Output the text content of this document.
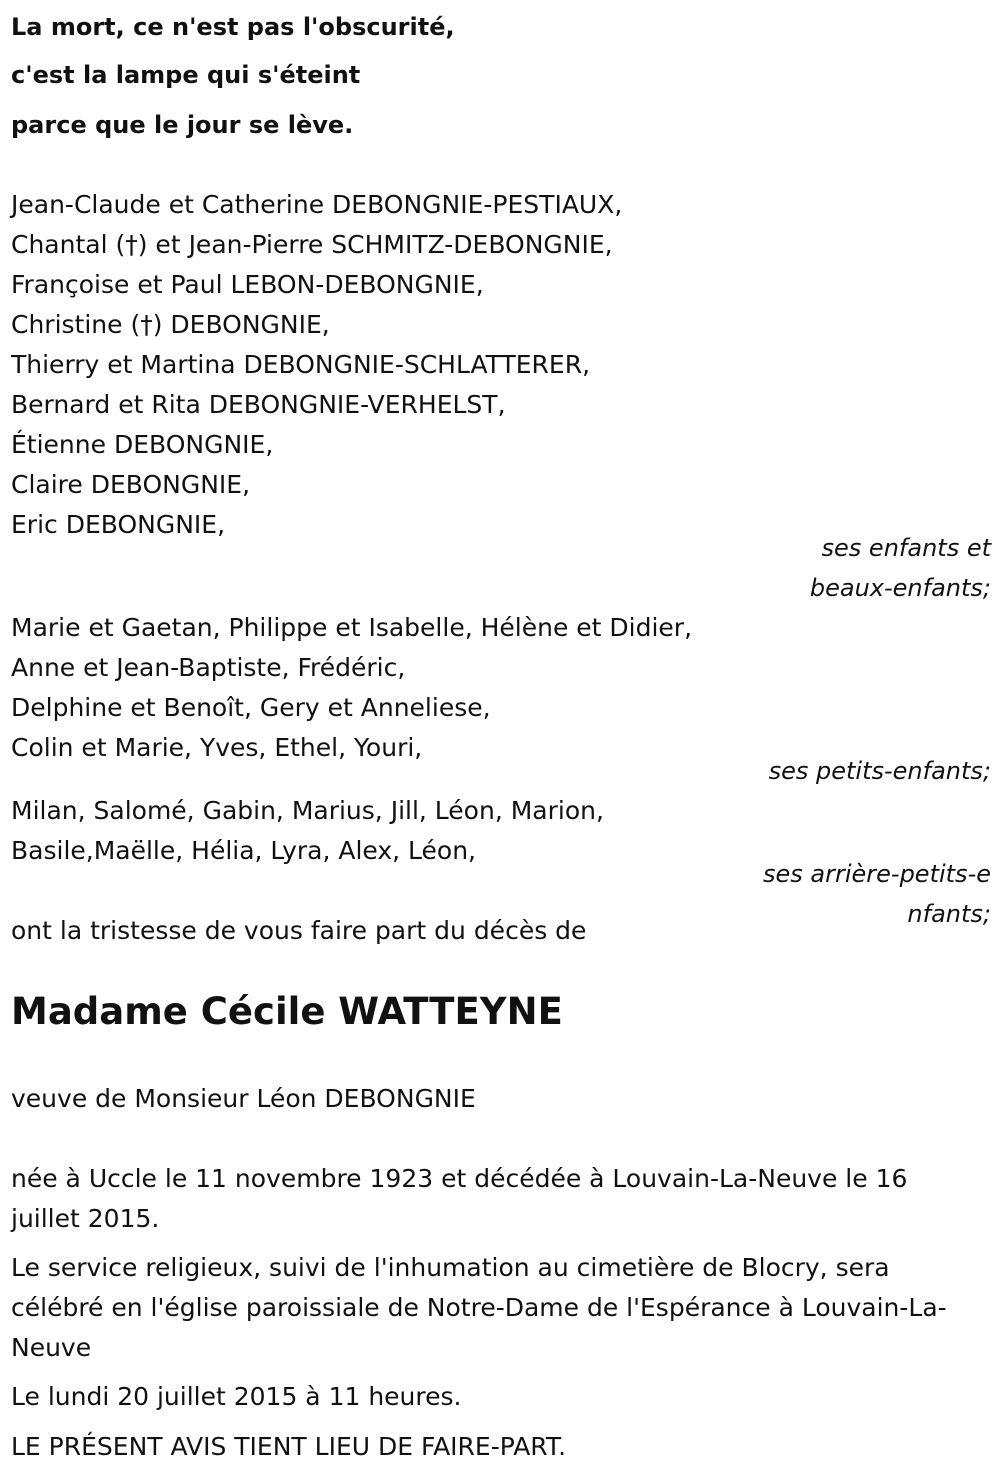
La mort, ce n'est pas l'obscurité,
c'est la lampe qui s'éteint
parce que le jour se lève.
Jean-Claude et Catherine DEBONGNIE-PESTIAUX,
Chantal (†) et Jean-Pierre SCHMITZ-DEBONGNIE,
Françoise et Paul LEBON-DEBONGNIE,
Christine (†) DEBONGNIE,
Thierry et Martina DEBONGNIE-SCHLATTERER,
Bernard et Rita DEBONGNIE-VERHELST,
Étienne DEBONGNIE,
Claire DEBONGNIE,
Eric DEBONGNIE,
ses enfants et beaux-enfants;
Marie et Gaetan, Philippe et Isabelle, Hélène et Didier,
Anne et Jean-Baptiste, Frédéric,
Delphine et Benoît, Gery et Anneliese,
Colin et Marie, Yves, Ethel, Youri,
ses petits-enfants;
Milan, Salomé, Gabin, Marius, Jill, Léon, Marion,
Basile,Maëlle, Hélia, Lyra, Alex, Léon,
ses arrière-petits-enfants;
ont la tristesse de vous faire part du décès de
Madame Cécile WATTEYNE
veuve de Monsieur Léon DEBONGNIE
née à Uccle le 11 novembre 1923 et décédée à Louvain-La-Neuve le 16 juillet 2015.
Le service religieux, suivi de l'inhumation au cimetière de Blocry, sera célébré en l'église paroissiale de Notre-Dame de l'Espérance à Louvain-La-Neuve
Le lundi 20 juillet 2015 à 11 heures.
LE PRÉSENT AVIS TIENT LIEU DE FAIRE-PART.
